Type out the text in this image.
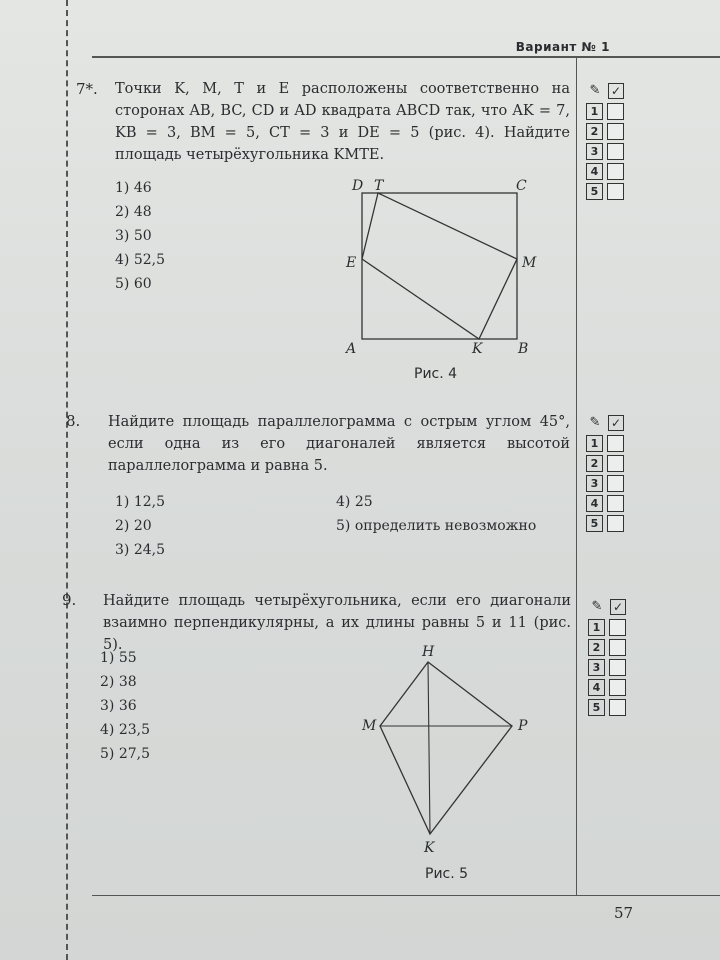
Вариант № 1
57
7*. Точки K, M, T и E расположены соответственно на сторонах AB, BC, CD и AD квадрата ABCD так, что AK = 7, KB = 3, BM = 5, CT = 3 и DE = 5 (рис. 4). Найдите площадь четырёхугольника KMTE.
1) 46
2) 48
3) 50
4) 52,5
5) 60
D T	C
E	M
A	K	B
Рис. 4
8. Найдите площадь параллелограмма с острым углом 45°, если одна из его диагоналей является высотой параллелограмма и равна 5.
1) 12,5
2) 20
3) 24,5
4) 25
5) определить невозможно
9. Найдите площадь четырёхугольника, если его диагонали взаимно перпендикулярны, а их длины равны 5 и 11 (рис. 5).
1) 55
2) 38
3) 36
4) 23,5
5) 27,5
H
M	P
K
Рис. 5
✎ ✓
1
2
3
4
5
✎ ✓
1
2
3
4
5
✎ ✓
1
2
3
4
5
